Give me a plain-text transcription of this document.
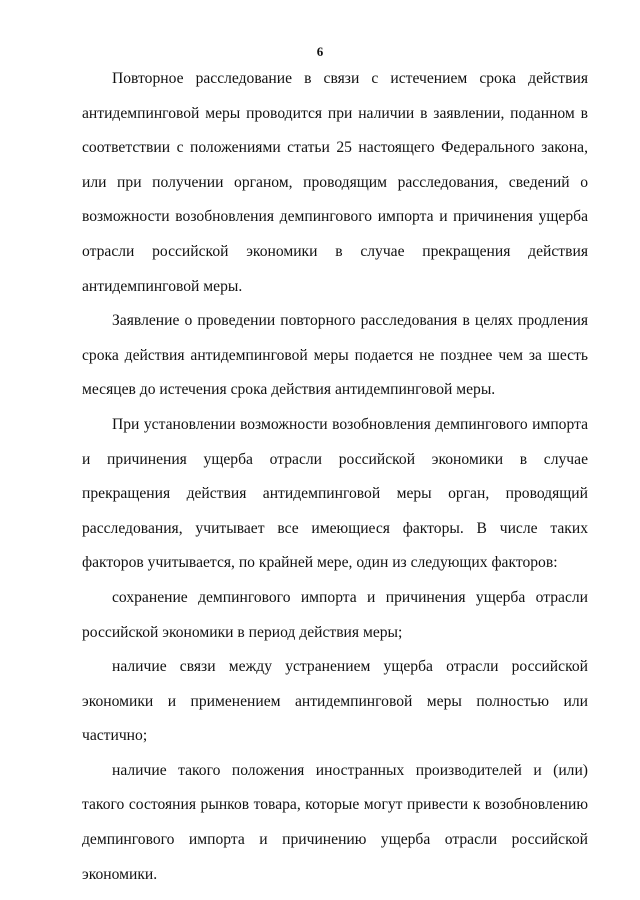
6

Повторное расследование в связи с истечением срока действия антидемпинговой меры проводится при наличии в заявлении, поданном в соответствии с положениями статьи 25 настоящего Федерального закона, или при получении органом, проводящим расследования, сведений о возможности возобновления демпингового импорта и причинения ущерба отрасли российской экономики в случае прекращения действия антидемпинговой меры.

Заявление о проведении повторного расследования в целях продления срока действия антидемпинговой меры подается не позднее чем за шесть месяцев до истечения срока действия антидемпинговой меры.

При установлении возможности возобновления демпингового импорта и причинения ущерба отрасли российской экономики в случае прекращения действия антидемпинговой меры орган, проводящий расследования, учитывает все имеющиеся факторы. В числе таких факторов учитывается, по крайней мере, один из следующих факторов:

сохранение демпингового импорта и причинения ущерба отрасли российской экономики в период действия меры;

наличие связи между устранением ущерба отрасли российской экономики и применением антидемпинговой меры полностью или частично;

наличие такого положения иностранных производителей и (или) такого состояния рынков товара, которые могут привести к возобновлению демпингового импорта и причинению ущерба отрасли российской экономики.
